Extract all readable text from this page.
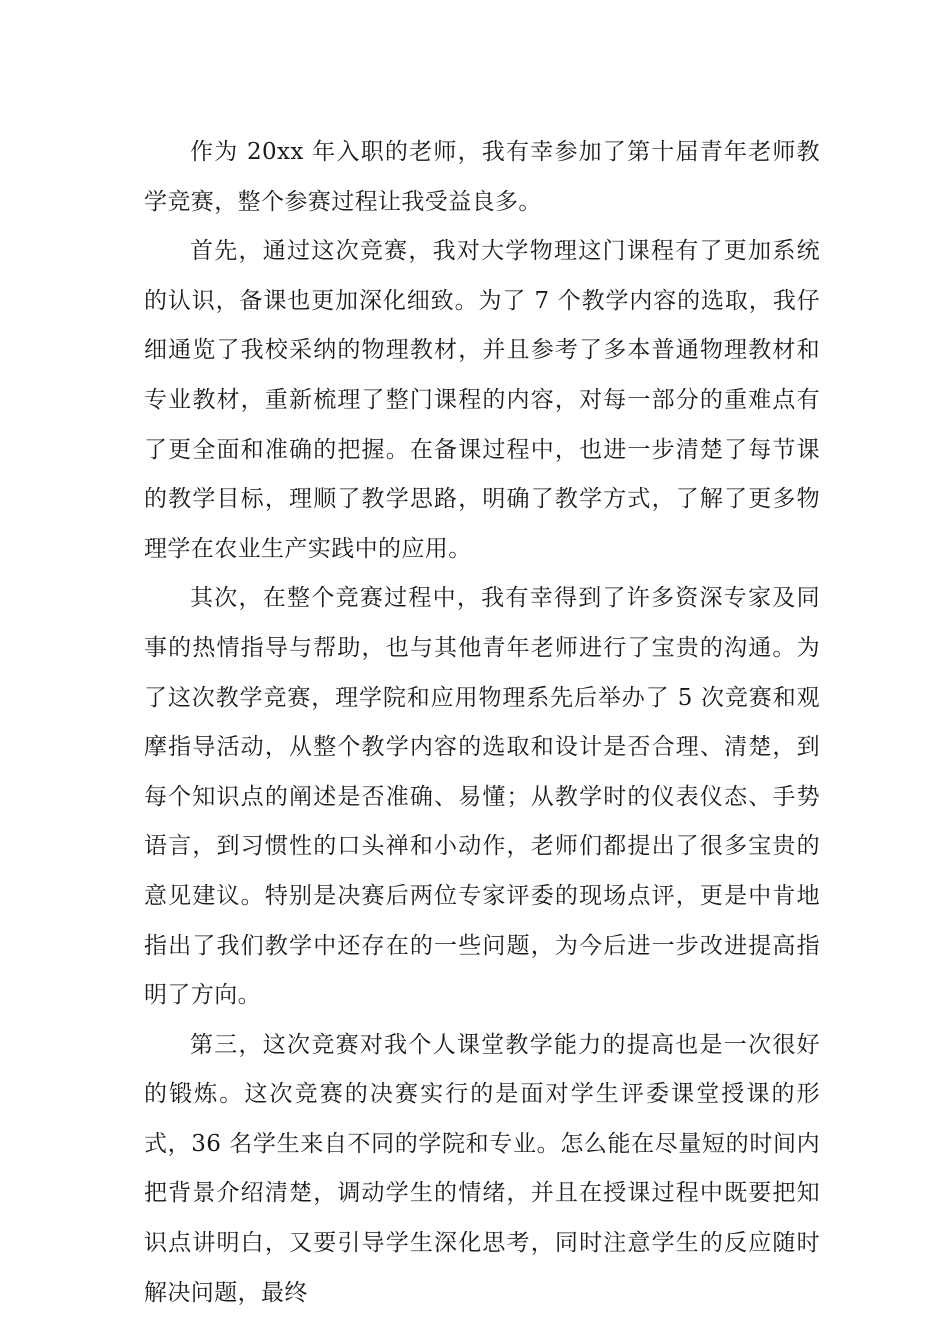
作为 20xx 年入职的老师，我有幸参加了第十届青年老师教学竞赛，整个参赛过程让我受益良多。

首先，通过这次竞赛，我对大学物理这门课程有了更加系统的认识，备课也更加深化细致。为了 7 个教学内容的选取，我仔细通览了我校采纳的物理教材，并且参考了多本普通物理教材和专业教材，重新梳理了整门课程的内容，对每一部分的重难点有了更全面和准确的把握。在备课过程中，也进一步清楚了每节课的教学目标，理顺了教学思路，明确了教学方式，了解了更多物理学在农业生产实践中的应用。

其次，在整个竞赛过程中，我有幸得到了许多资深专家及同事的热情指导与帮助，也与其他青年老师进行了宝贵的沟通。为了这次教学竞赛，理学院和应用物理系先后举办了 5 次竞赛和观摩指导活动，从整个教学内容的选取和设计是否合理、清楚，到每个知识点的阐述是否准确、易懂；从教学时的仪表仪态、手势语言，到习惯性的口头禅和小动作，老师们都提出了很多宝贵的意见建议。特别是决赛后两位专家评委的现场点评，更是中肯地指出了我们教学中还存在的一些问题，为今后进一步改进提高指明了方向。

第三，这次竞赛对我个人课堂教学能力的提高也是一次很好的锻炼。这次竞赛的决赛实行的是面对学生评委课堂授课的形式，36 名学生来自不同的学院和专业。怎么能在尽量短的时间内把背景介绍清楚，调动学生的情绪，并且在授课过程中既要把知识点讲明白，又要引导学生深化思考，同时注意学生的反应随时解决问题，最终
